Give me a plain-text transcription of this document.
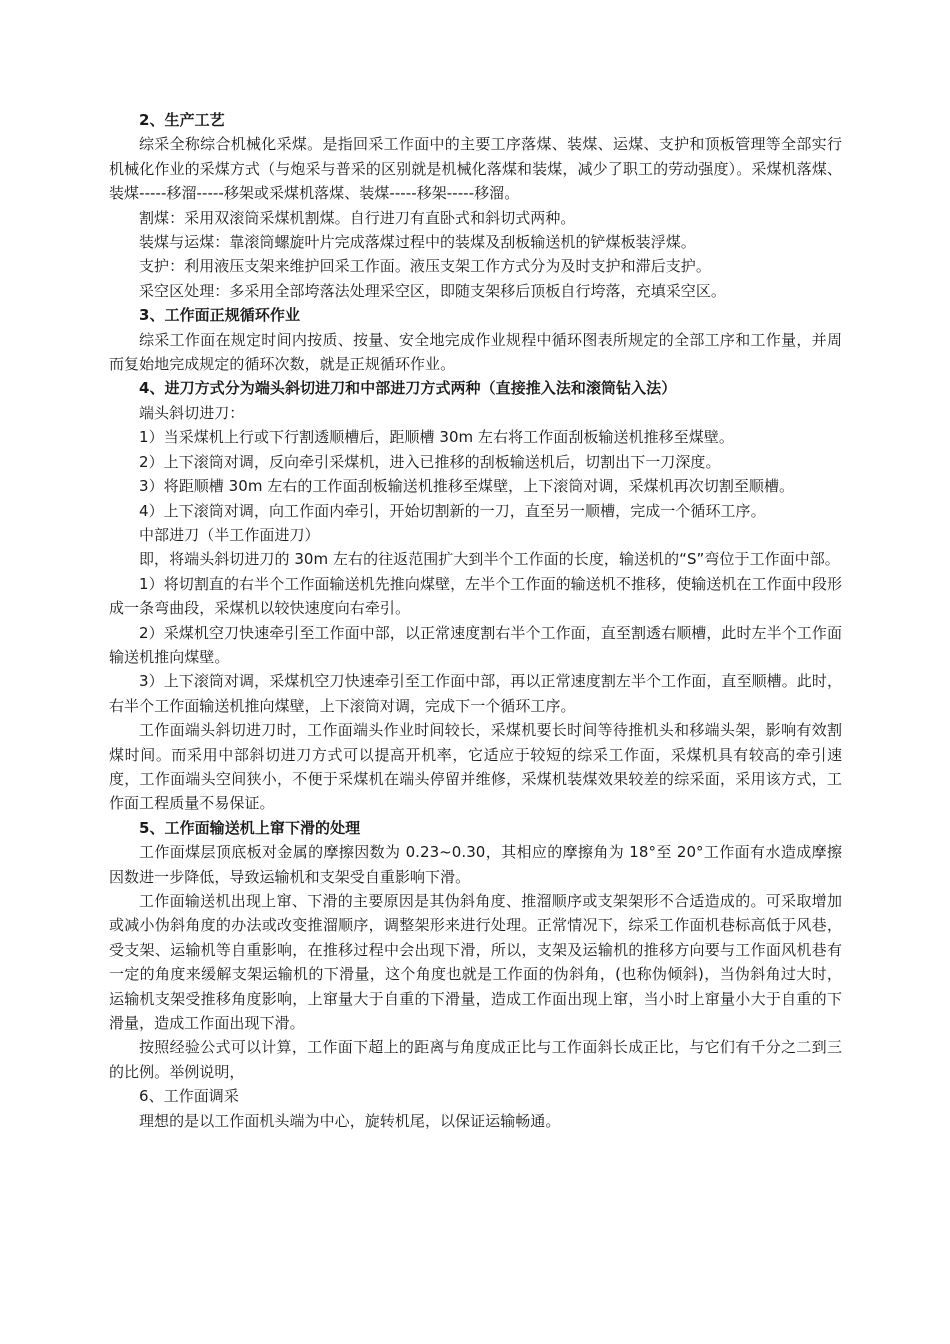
2、生产工艺

综采全称综合机械化采煤。是指回采工作面中的主要工序落煤、装煤、运煤、支护和顶板管理等全部实行机械化作业的采煤方式（与炮采与普采的区别就是机械化落煤和装煤，减少了职工的劳动强度）。采煤机落煤、装煤-----移溜-----移架或采煤机落煤、装煤-----移架-----移溜。

割煤：采用双滚筒采煤机割煤。自行进刀有直卧式和斜切式两种。

装煤与运煤：靠滚筒螺旋叶片完成落煤过程中的装煤及刮板输送机的铲煤板装浮煤。

支护：利用液压支架来维护回采工作面。液压支架工作方式分为及时支护和滞后支护。

采空区处理：多采用全部垮落法处理采空区，即随支架移后顶板自行垮落，充填采空区。

3、工作面正规循环作业

综采工作面在规定时间内按质、按量、安全地完成作业规程中循环图表所规定的全部工序和工作量，并周而复始地完成规定的循环次数，就是正规循环作业。

4、进刀方式分为端头斜切进刀和中部进刀方式两种（直接推入法和滚筒钻入法）

端头斜切进刀：

1）当采煤机上行或下行割透顺槽后，距顺槽 30m 左右将工作面刮板输送机推移至煤壁。

2）上下滚筒对调，反向牵引采煤机，进入已推移的刮板输送机后，切割出下一刀深度。

3）将距顺槽 30m 左右的工作面刮板输送机推移至煤壁，上下滚筒对调，采煤机再次切割至顺槽。

4）上下滚筒对调，向工作面内牵引，开始切割新的一刀，直至另一顺槽，完成一个循环工序。

中部进刀（半工作面进刀）

即，将端头斜切进刀的 30m 左右的往返范围扩大到半个工作面的长度，输送机的“S”弯位于工作面中部。

1）将切割直的右半个工作面输送机先推向煤壁，左半个工作面的输送机不推移，使输送机在工作面中段形成一条弯曲段，采煤机以较快速度向右牵引。

2）采煤机空刀快速牵引至工作面中部，以正常速度割右半个工作面，直至割透右顺槽，此时左半个工作面输送机推向煤壁。

3）上下滚筒对调，采煤机空刀快速牵引至工作面中部，再以正常速度割左半个工作面，直至顺槽。此时，右半个工作面输送机推向煤壁，上下滚筒对调，完成下一个循环工序。

工作面端头斜切进刀时，工作面端头作业时间较长，采煤机要长时间等待推机头和移端头架，影响有效割煤时间。而采用中部斜切进刀方式可以提高开机率，它适应于较短的综采工作面，采煤机具有较高的牵引速度，工作面端头空间狭小，不便于采煤机在端头停留并维修，采煤机装煤效果较差的综采面，采用该方式，工作面工程质量不易保证。

5、工作面输送机上窜下滑的处理

工作面煤层顶底板对金属的摩擦因数为 0.23~0.30，其相应的摩擦角为 18°至 20°工作面有水造成摩擦因数进一步降低，导致运输机和支架受自重影响下滑。

工作面输送机出现上窜、下滑的主要原因是其伪斜角度、推溜顺序或支架架形不合适造成的。可采取增加或减小伪斜角度的办法或改变推溜顺序，调整架形来进行处理。正常情况下，综采工作面机巷标高低于风巷，受支架、运输机等自重影响，在推移过程中会出现下滑，所以，支架及运输机的推移方向要与工作面风机巷有一定的角度来缓解支架运输机的下滑量，这个角度也就是工作面的伪斜角，(也称伪倾斜)，当伪斜角过大时，运输机支架受推移角度影响，上窜量大于自重的下滑量，造成工作面出现上窜，当小时上窜量小大于自重的下滑量，造成工作面出现下滑。

按照经验公式可以计算，工作面下超上的距离与角度成正比与工作面斜长成正比，与它们有千分之二到三的比例。举例说明，

6、工作面调采

理想的是以工作面机头端为中心，旋转机尾，以保证运输畅通。
